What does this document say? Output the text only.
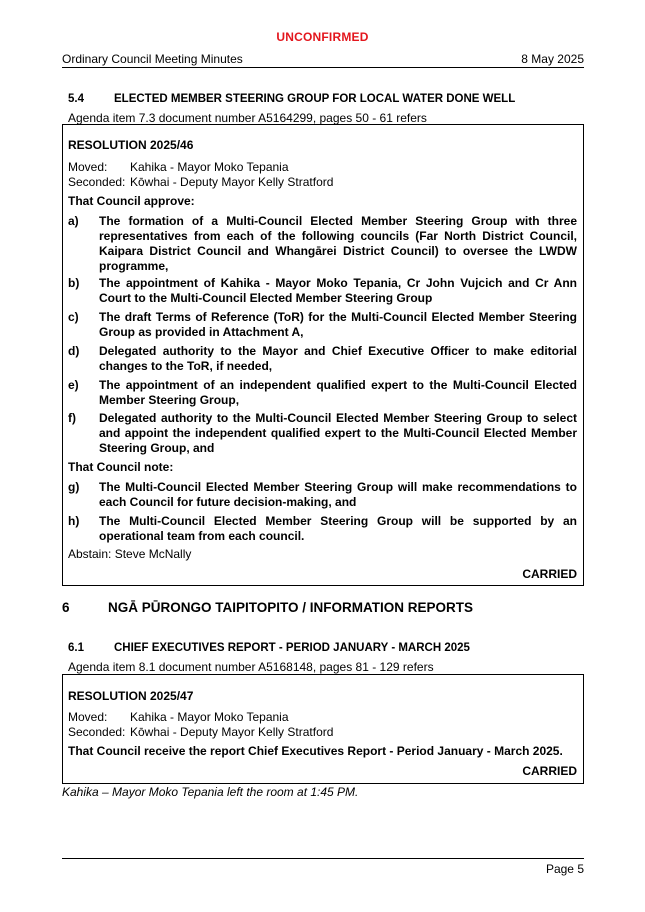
UNCONFIRMED
Ordinary Council Meeting Minutes	8 May 2025
5.4	ELECTED MEMBER STEERING GROUP FOR LOCAL WATER DONE WELL
Agenda item 7.3 document number A5164299, pages 50 - 61 refers
RESOLUTION 2025/46
Moved: Kahika - Mayor Moko Tepania
Seconded: Kōwhai - Deputy Mayor Kelly Stratford
That Council approve:
a) The formation of a Multi-Council Elected Member Steering Group with three representatives from each of the following councils (Far North District Council, Kaipara District Council and Whangārei District Council) to oversee the LWDW programme,
b) The appointment of Kahika - Mayor Moko Tepania, Cr John Vujcich and Cr Ann Court to the Multi-Council Elected Member Steering Group
c) The draft Terms of Reference (ToR) for the Multi-Council Elected Member Steering Group as provided in Attachment A,
d) Delegated authority to the Mayor and Chief Executive Officer to make editorial changes to the ToR, if needed,
e) The appointment of an independent qualified expert to the Multi-Council Elected Member Steering Group,
f) Delegated authority to the Multi-Council Elected Member Steering Group to select and appoint the independent qualified expert to the Multi-Council Elected Member Steering Group, and
That Council note:
g) The Multi-Council Elected Member Steering Group will make recommendations to each Council for future decision-making, and
h) The Multi-Council Elected Member Steering Group will be supported by an operational team from each council.
Abstain: Steve McNally
CARRIED
6	NGĀ PŪRONGO TAIPITOPITO / INFORMATION REPORTS
6.1	CHIEF EXECUTIVES REPORT - PERIOD JANUARY - MARCH 2025
Agenda item 8.1 document number A5168148, pages 81 - 129 refers
RESOLUTION 2025/47
Moved: Kahika - Mayor Moko Tepania
Seconded: Kōwhai - Deputy Mayor Kelly Stratford
That Council receive the report Chief Executives Report - Period January - March 2025.
CARRIED
Kahika – Mayor Moko Tepania left the room at 1:45 PM.
Page 5
